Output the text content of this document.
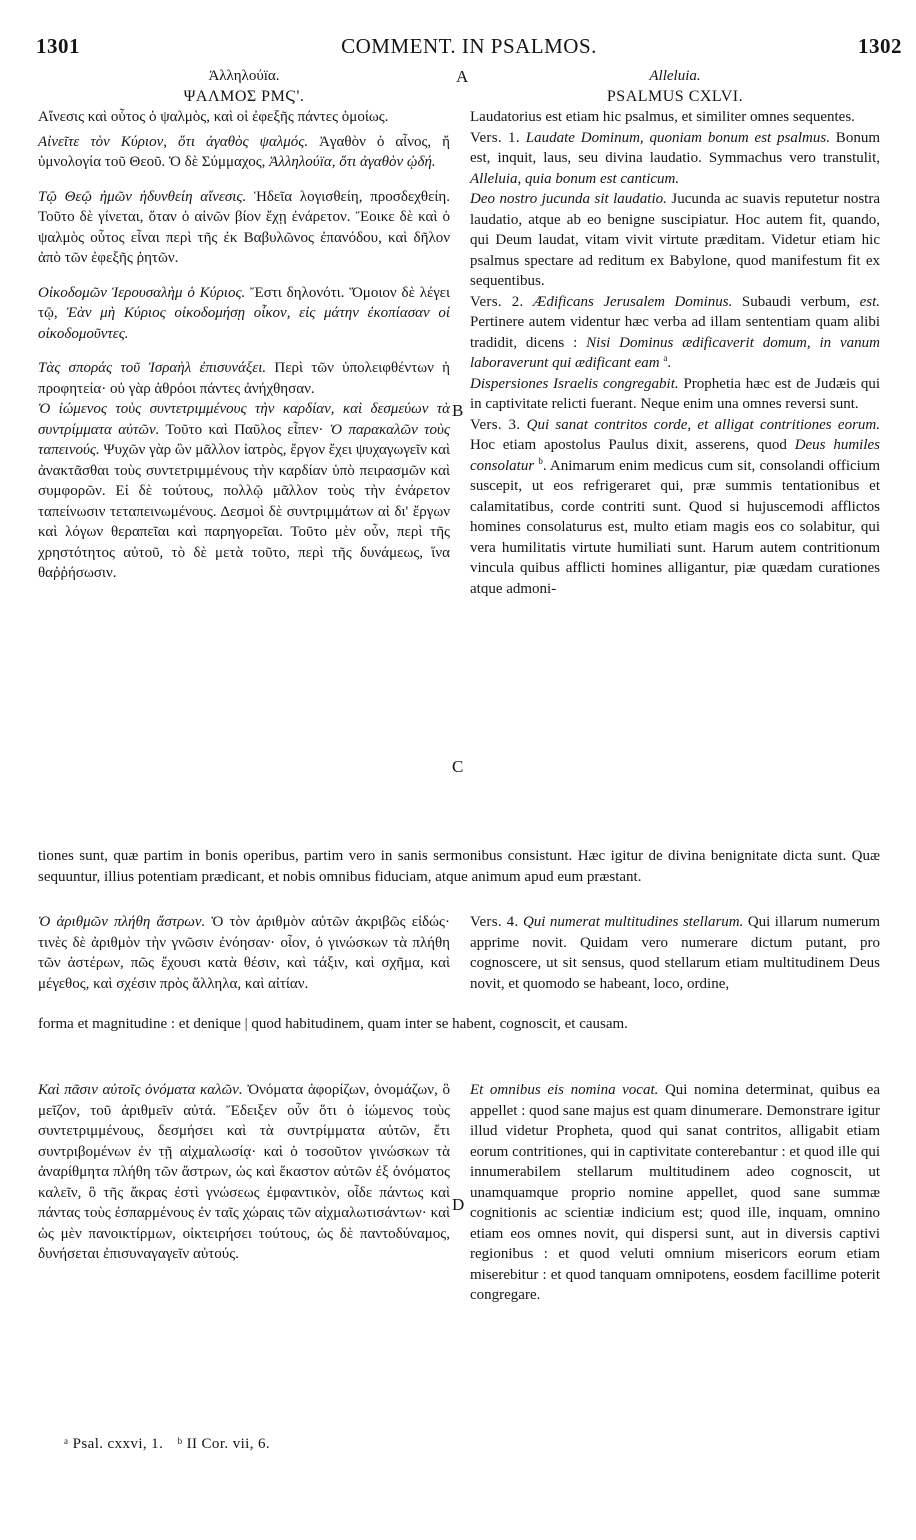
1301	COMMENT. IN PSALMOS.	1302
A
B
C
D

Ἀλληλούïα.

ΨΑΛΜΟΣ ΡΜϚ'.

Αἴνεσις καὶ οὗτος ὁ ψαλμὸς, καὶ οἱ ἐφεξῆς πάντες ὁμοίως.

Αἰνεῖτε τὸν Κύριον, ὅτι ἀγαθὸς ψαλμός. Ἀγαθὸν ὁ αἶνος, ἤ ὑμνολογία τοῦ Θεοῦ. Ὁ δὲ Σύμμαχος, Ἀλληλούïα, ὅτι ἀγαθὸν ᾠδή.

Τῷ Θεῷ ἡμῶν ἡδυνθείη αἴνεσις. Ἡδεῖα λογισθείη, προσδεχθείη. Τοῦτο δὲ γίνεται, ὅταν ὁ αἰνῶν βίον ἔχῃ ἐνάρετον. Ἔοικε δὲ καὶ ὁ ψαλμὸς οὗτος εἶναι περὶ τῆς ἐκ Βαβυλῶνος ἐπανόδου, καὶ δῆλον ἀπὸ τῶν ἐφεξῆς ῥητῶν.

Οἰκοδομῶν Ἱερουσαλὴμ ὁ Κύριος. Ἔστι δηλονότι. Ὅμοιον δὲ λέγει τῷ, Ἐὰν μὴ Κύριος οἰκοδομήσῃ οἶκον, εἰς μάτην ἐκοπίασαν οἱ οἰκοδομοῦντες.

Τὰς σποράς τοῦ Ἰσραὴλ ἐπισυνάξει. Περὶ τῶν ὑπολειφθέντων ἡ προφητεία· οὐ γὰρ ἀθρόοι πάντες ἀνήχθησαν.

Ὁ ἰώμενος τοὺς συντετριμμένους τὴν καρδίαν, καὶ δεσμεύων τὰ συντρίμματα αὐτῶν. Τοῦτο καὶ Παῦλος εἶπεν· Ὁ παρακαλῶν τοὺς ταπεινούς. Ψυχῶν γὰρ ὢν μᾶλλον ἰατρὸς, ἔργον ἔχει ψυχαγωγεῖν καὶ ἀνακτᾶσθαι τοὺς συντετριμμένους τὴν καρδίαν ὑπὸ πειρασμῶν καὶ συμφορῶν. Εἰ δὲ τούτους, πολλῷ μᾶλλον τοὺς τὴν ἐνάρετον ταπείνωσιν τεταπεινωμένους. Δεσμοὶ δὲ συντριμμάτων αἱ δι' ἔργων καὶ λόγων θεραπεῖαι καὶ παρηγορεῖαι. Τοῦτο μὲν οὖν, περὶ τῆς χρηστότητος αὐτοῦ, τὸ δὲ μετὰ τοῦτο, περὶ τῆς δυνάμεως, ἵνα θαῤῥήσωσιν.

Alleluia.

PSALMUS CXLVI.

Laudatorius est etiam hic psalmus, et similiter omnes sequentes.

Vers. 1. Laudate Dominum, quoniam bonum est psalmus. Bonum est, inquit, laus, seu divina laudatio. Symmachus vero transtulit, Alleluia, quia bonum est canticum.

Deo nostro jucunda sit laudatio. Jucunda ac suavis reputetur nostra laudatio, atque ab eo benigne suscipiatur. Hoc autem fit, quando, qui Deum laudat, vitam vivit virtute præditam. Videtur etiam hic psalmus spectare ad reditum ex Babylone, quod manifestum fit ex sequentibus.

Vers. 2. Ædificans Jerusalem Dominus. Subaudi verbum, est. Pertinere autem videntur hæc verba ad illam sententiam quam alibi tradidit, dicens : Nisi Dominus ædificaverit domum, in vanum laboraverunt qui ædificant eam $^a$.

Dispersiones Israelis congregabit. Prophetia hæc est de Judæis qui in captivitate relicti fuerant. Neque enim una omnes reversi sunt.

Vers. 3. Qui sanat contritos corde, et alligat contritiones eorum. Hoc etiam apostolus Paulus dixit, asserens, quod Deus humiles consolatur $^b$. Animarum enim medicus cum sit, consolandi officium suscepit, ut eos refrigeraret qui, præ summis tentationibus et calamitatibus, corde contriti sunt. Quod si hujuscemodi afflictos homines consolaturus est, multo etiam magis eos co solabitur, qui vera humilitatis virtute humiliati sunt. Harum autem contritionum vincula quibus afflicti homines alligantur, piæ quædam curationes atque admoni-

tiones sunt, quæ partim in bonis operibus, partim vero in sanis sermonibus consistunt. Hæc igitur de divina benignitate dicta sunt. Quæ sequuntur, illius potentiam prædicant, et nobis omnibus fiduciam, atque animum apud eum præstant.

Ὁ ἀριθμῶν πλήθη ἄστρων. Ὁ τὸν ἀριθμὸν αὐτῶν ἀκριβῶς εἰδώς· τινὲς δὲ ἀριθμὸν τὴν γνῶσιν ἐνόησαν· οἷον, ὁ γινώσκων τὰ πλήθη τῶν ἀστέρων, πῶς ἔχουσι κατὰ θέσιν, καὶ τάξιν, καὶ σχῆμα, καὶ μέγεθος, καὶ σχέσιν πρὸς ἄλληλα, καὶ αἰτίαν.

Vers. 4. Qui numerat multitudines stellarum. Qui illarum numerum apprime novit. Quidam vero numerare dictum putant, pro cognoscere, ut sit sensus, quod stellarum etiam multitudinem Deus novit, et quomodo se habeant, loco, ordine,

forma et magnitudine : et denique | quod habitudinem, quam inter se habent, cognoscit, et causam.

Καὶ πᾶσιν αὐτοῖς ὀνόματα καλῶν. Ὀνόματα ἀφορίζων, ὀνομάζων, ὃ μεῖζον, τοῦ ἀριθμεῖν αὐτά. Ἔδειξεν οὖν ὅτι ὁ ἰώμενος τοὺς συντετριμμένους, δεσμήσει καὶ τὰ συντρίμματα αὐτῶν, ἔτι συντριβομένων ἐν τῇ αἰχμαλωσίᾳ· καὶ ὁ τοσοῦτον γινώσκων τὰ ἀναρίθμητα πλήθη τῶν ἄστρων, ὡς καὶ ἕκαστον αὐτῶν ἐξ ὀνόματος καλεῖν, ὃ τῆς ἄκρας ἐστὶ γνώσεως ἐμφαντικὸν, οἶδε πάντως καὶ πάντας τοὺς ἐσπαρμένους ἐν ταῖς χώραις τῶν αἰχμαλωτισάντων· καὶ ὡς μὲν πανοικτίρμων, οἰκτειρήσει τούτους, ὡς δὲ παντοδύναμος, δυνήσεται ἐπισυναγαγεῖν αὐτούς.

Et omnibus eis nomina vocat. Qui nomina determinat, quibus ea appellet : quod sane majus est quam dinumerare. Demonstrare igitur illud videtur Propheta, quod qui sanat contritos, alligabit etiam eorum contritiones, qui in captivitate conterebantur : et quod ille qui innumerabilem stellarum multitudinem adeo cognoscit, ut unamquamque proprio nomine appellet, quod sane summæ cognitionis ac scientiæ indicium est; quod ille, inquam, omnino etiam eos omnes novit, qui dispersi sunt, aut in diversis captivi regionibus : et quod veluti omnium misericors eorum etiam miserebitur : et quod tanquam omnipotens, eosdem facillime poterit congregare.

ᵃ Psal. cxxvi, 1. ᵇ II Cor. vii, 6.
